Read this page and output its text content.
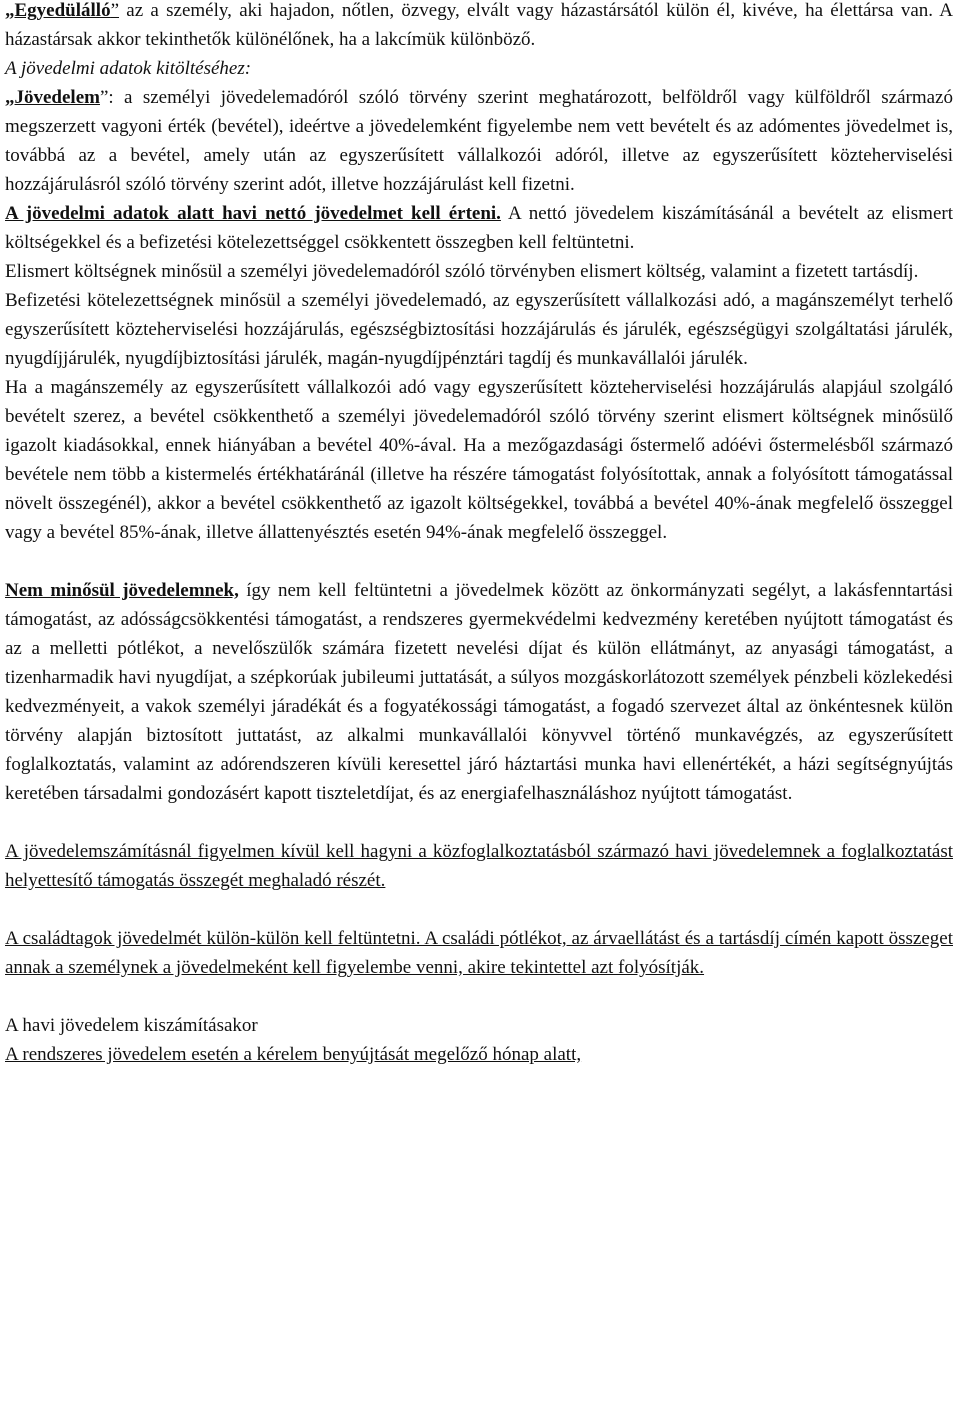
„Egyedülálló” az a személy, aki hajadon, nőtlen, özvegy, elvált vagy házastársától külön él, kivéve, ha élettársa van. A házastársak akkor tekinthetők különélőnek, ha a lakcímük különböző.

A jövedelmi adatok kitöltéséhez:

„Jövedelem”: a személyi jövedelemadóról szóló törvény szerint meghatározott, belföldről vagy külföldről származó megszerzett vagyoni érték (bevétel), ideértve a jövedelemként figyelembe nem vett bevételt és az adómentes jövedelmet is, továbbá az a bevétel, amely után az egyszerűsített vállalkozói adóról, illetve az egyszerűsített közteherviselési hozzájárulásról szóló törvény szerint adót, illetve hozzájárulást kell fizetni.

A jövedelmi adatok alatt havi nettó jövedelmet kell érteni. A nettó jövedelem kiszámításánál a bevételt az elismert költségekkel és a befizetési kötelezettséggel csökkentett összegben kell feltüntetni.

Elismert költségnek minősül a személyi jövedelemadóról szóló törvényben elismert költség, valamint a fizetett tartásdíj.

Befizetési kötelezettségnek minősül a személyi jövedelemadó, az egyszerűsített vállalkozási adó, a magánszemélyt terhelő egyszerűsített közteherviselési hozzájárulás, egészségbiztosítási hozzájárulás és járulék, egészségügyi szolgáltatási járulék, nyugdíjjárulék, nyugdíjbiztosítási járulék, magán-nyugdíjpénztári tagdíj és munkavállalói járulék.

Ha a magánszemély az egyszerűsített vállalkozói adó vagy egyszerűsített közteherviselési hozzájárulás alapjául szolgáló bevételt szerez, a bevétel csökkenthető a személyi jövedelemadóról szóló törvény szerint elismert költségnek minősülő igazolt kiadásokkal, ennek hiányában a bevétel 40%-ával. Ha a mezőgazdasági őstermelő adóévi őstermelésből származó bevétele nem több a kistermelés értékhatáránál (illetve ha részére támogatást folyósítottak, annak a folyósított támogatással növelt összegénél), akkor a bevétel csökkenthető az igazolt költségekkel, továbbá a bevétel 40%-ának megfelelő összeggel vagy a bevétel 85%-ának, illetve állattenyésztés esetén 94%-ának megfelelő összeggel.

Nem minősül jövedelemnek, így nem kell feltüntetni a jövedelmek között az önkormányzati segélyt, a lakásfenntartási támogatást, az adósságcsökkentési támogatást, a rendszeres gyermekvédelmi kedvezmény keretében nyújtott támogatást és az a melletti pótlékot, a nevelőszülők számára fizetett nevelési díjat és külön ellátmányt, az anyasági támogatást, a tizenharmadik havi nyugdíjat, a szépkorúak jubileumi juttatását, a súlyos mozgáskorlátozott személyek pénzbeli közlekedési kedvezményeit, a vakok személyi járadékát és a fogyatékossági támogatást, a fogadó szervezet által az önkéntesnek külön törvény alapján biztosított juttatást, az alkalmi munkavállalói könyvvel történő munkavégzés, az egyszerűsített foglalkoztatás, valamint az adórendszeren kívüli keresettel járó háztartási munka havi ellenértékét, a házi segítségnyújtás keretében társadalmi gondozásért kapott tiszteletdíjat, és az energiafelhasználáshoz nyújtott támogatást.

A jövedelemszámításnál figyelmen kívül kell hagyni a közfoglalkoztatásból származó havi jövedelemnek a foglalkoztatást helyettesítő támogatás összegét meghaladó részét.

A családtagok jövedelmét külön-külön kell feltüntetni. A családi pótlékot, az árvaellátást és a tartásdíj címén kapott összeget annak a személynek a jövedelmeként kell figyelembe venni, akire tekintettel azt folyósítják.

A havi jövedelem kiszámításakor

A rendszeres jövedelem esetén a kérelem benyújtását megelőző hónap alatt,
